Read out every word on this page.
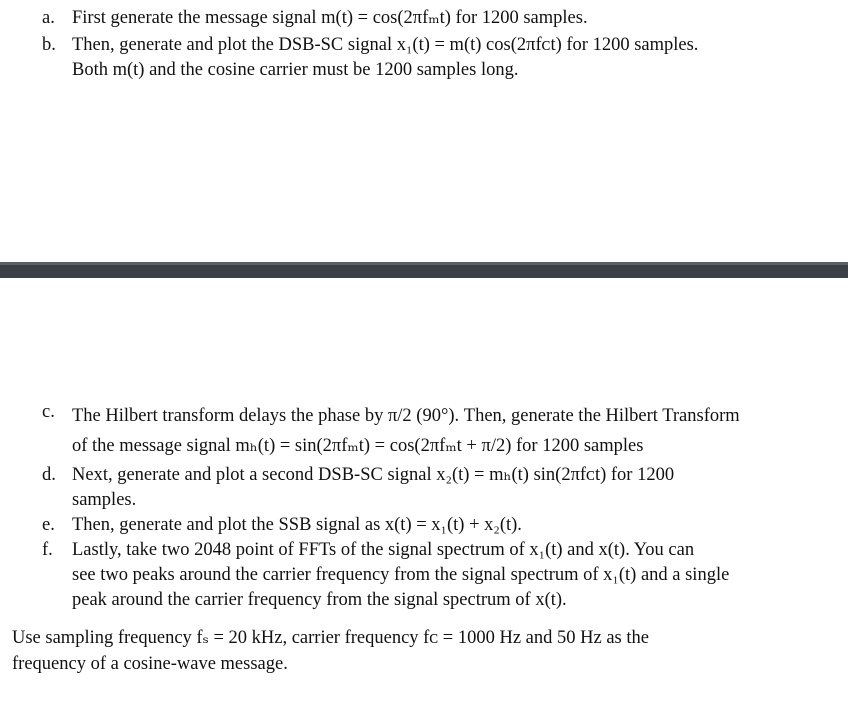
a. First generate the message signal m(t) = cos(2πfₘt) for 1200 samples.
b. Then, generate and plot the DSB-SC signal x₁(t) = m(t) cos(2πfᴄt) for 1200 samples.
Both m(t) and the cosine carrier must be 1200 samples long.
c. The Hilbert transform delays the phase by π/2 (90°). Then, generate the Hilbert Transform
of the message signal mₕ(t) = sin(2πfₘt) = cos(2πfₘt + π/2) for 1200 samples
d. Next, generate and plot a second DSB-SC signal x₂(t) = mₕ(t) sin(2πfᴄt) for 1200
samples.
e. Then, generate and plot the SSB signal as x(t) = x₁(t) + x₂(t).
f.	Lastly, take two 2048 point of FFTs of the signal spectrum of x₁(t) and x(t). You can
see two peaks around the carrier frequency from the signal spectrum of x₁(t) and a single
peak around the carrier frequency from the signal spectrum of x(t).
Use sampling frequency fₛ = 20 kHz, carrier frequency fᴄ = 1000 Hz and 50 Hz as the
frequency of a cosine-wave message.
